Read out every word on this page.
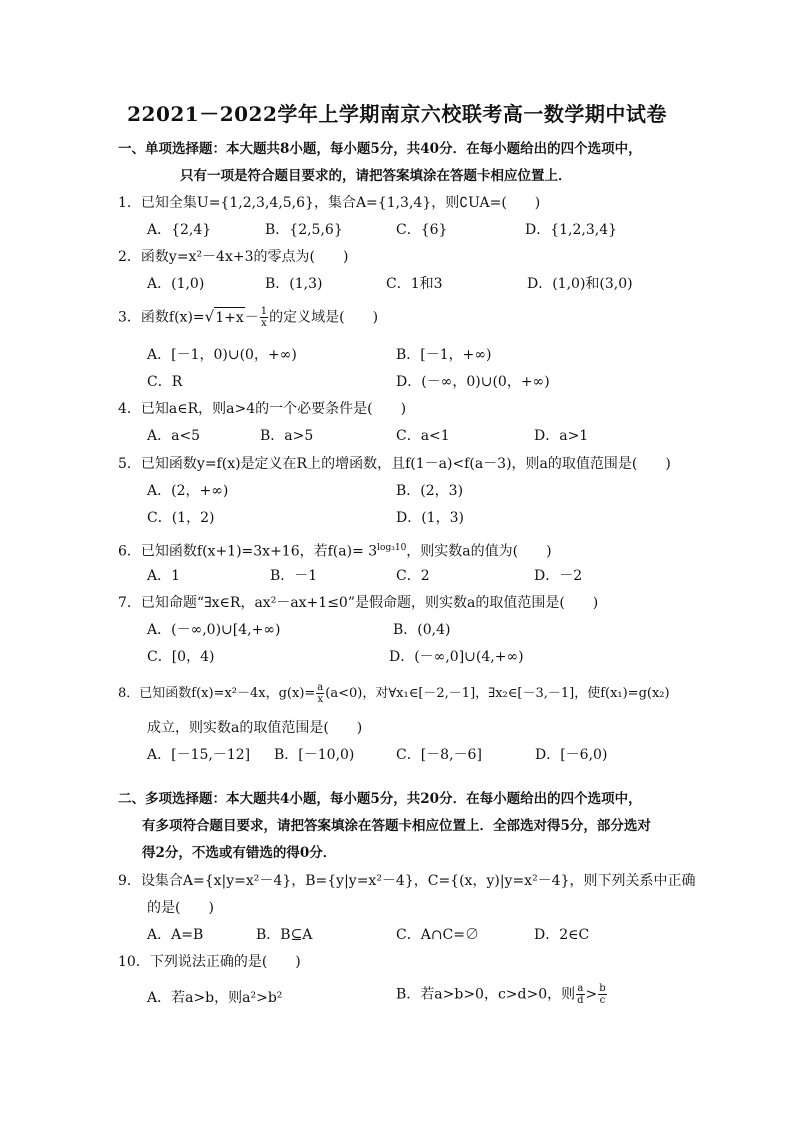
22021－2022学年上学期南京六校联考高一数学期中试卷
一、单项选择题：本大题共8小题，每小题5分，共40分．在每小题给出的四个选项中，
只有一项是符合题目要求的，请把答案填涂在答题卡相应位置上．
1．已知全集U={1,2,3,4,5,6}，集合A={1,3,4}，则∁UA=(　　)
A．{2,4}	B．{2,5,6}	C．{6}	D．{1,2,3,4}
2．函数y=x²－4x+3的零点为(　　)
A．(1,0)	B．(1,3)	C．1和3	D．(1,0)和(3,0)
3．函数$f(x)=√1+x- \frac{1}{x}$ 的定义域是(　　)
A．[－1，0)∪(0，+∞)	B．[－1，+∞)
C．R	D．(－∞，0)∪(0，+∞)
4．已知a∈R，则a>4的一个必要条件是(　　)
A．a<5	B．a>5	C．a<1	D．a>1
5．已知函数y=f(x)是定义在R上的增函数，且f(1－a)<f(a－3)，则a的取值范围是(　　)
A．(2，+∞)	B．(2，3)
C．(1，2)	D．(1，3)
6．已知函数f(x+1)=3x+16，若$f(a)= 3^{log_310}$，则实数a的值为(　　)
A．1	B．－1	C．2	D．－2
7．已知命题“∃x∈R，ax²－ax+1≤0”是假命题，则实数a的取值范围是(　　)
A．(－∞,0)∪[4,+∞)	B．(0,4)
C．[0，4)	D．(－∞,0]∪(4,+∞)
8．已知函数f(x)=x²－4x，$g(x)= \frac{a}{x} (a<0)$，对∀x₁∈[－2,－1]，∃x₂∈[－3,－1]，使f(x₁)=g(x₂)
成立，则实数a的取值范围是(　　)
A．[－15,－12] B．[－10,0)	C．[－8,－6]	D．[－6,0)
二、多项选择题：本大题共4小题，每小题5分，共20分．在每小题给出的四个选项中，
有多项符合题目要求，请把答案填涂在答题卡相应位置上．全部选对得5分，部分选对
得2分，不选或有错选的得0分．
9．设集合A={x|y=x²－4}，B={y|y=x²－4}，C={(x，y)|y=x²－4}，则下列关系中正确
的是(　　)
A．A=B	B．B⊆A	C．A∩C=∅	D．2∈C
10．下列说法正确的是(　　)
A．若a>b，则a²>b²	B．若a>b>0，c>d>0，则 $\frac{a}{d} > \frac{b}{c}$
